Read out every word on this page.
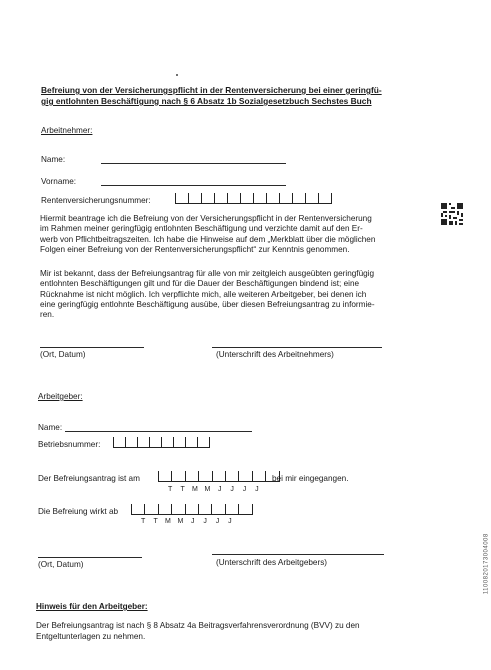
Befreiung von der Versicherungspflicht in der Rentenversicherung bei einer geringfü-
gig entlohnten Beschäftigung nach § 6 Absatz 1b Sozialgesetzbuch Sechstes Buch
Arbeitnehmer:
Name:
Vorname:
Rentenversicherungsnummer:
Hiermit beantrage ich die Befreiung von der Versicherungspflicht in der Rentenversicherung
im Rahmen meiner geringfügig entlohnten Beschäftigung und verzichte damit auf den Er-
werb von Pflichtbeitragszeiten. Ich habe die Hinweise auf dem „Merkblatt über die möglichen
Folgen einer Befreiung von der Rentenversicherungspflicht“ zur Kenntnis genommen.
Mir ist bekannt, dass der Befreiungsantrag für alle von mir zeitgleich ausgeübten geringfügig
entlohnten Beschäftigungen gilt und für die Dauer der Beschäftigungen bindend ist; eine
Rücknahme ist nicht möglich. Ich verpflichte mich, alle weiteren Arbeitgeber, bei denen ich
eine geringfügig entlohnte Beschäftigung ausübe, über diesen Befreiungsantrag zu informie-
ren.
(Ort, Datum)	(Unterschrift des Arbeitnehmers)
Arbeitgeber:
Name:
Betriebsnummer:
Der Befreiungsantrag ist am	bei mir eingegangen.
T	T	M M	J	J	J	J
Die Befreiung wirkt ab
T	T	M M	J	J	J	J
(Ort, Datum)	(Unterschrift des Arbeitgebers)
Hinweis für den Arbeitgeber:
Der Befreiungsantrag ist nach § 8 Absatz 4a Beitragsverfahrensverordnung (BVV) zu den
Entgeltunterlagen zu nehmen.
1100820173004008
